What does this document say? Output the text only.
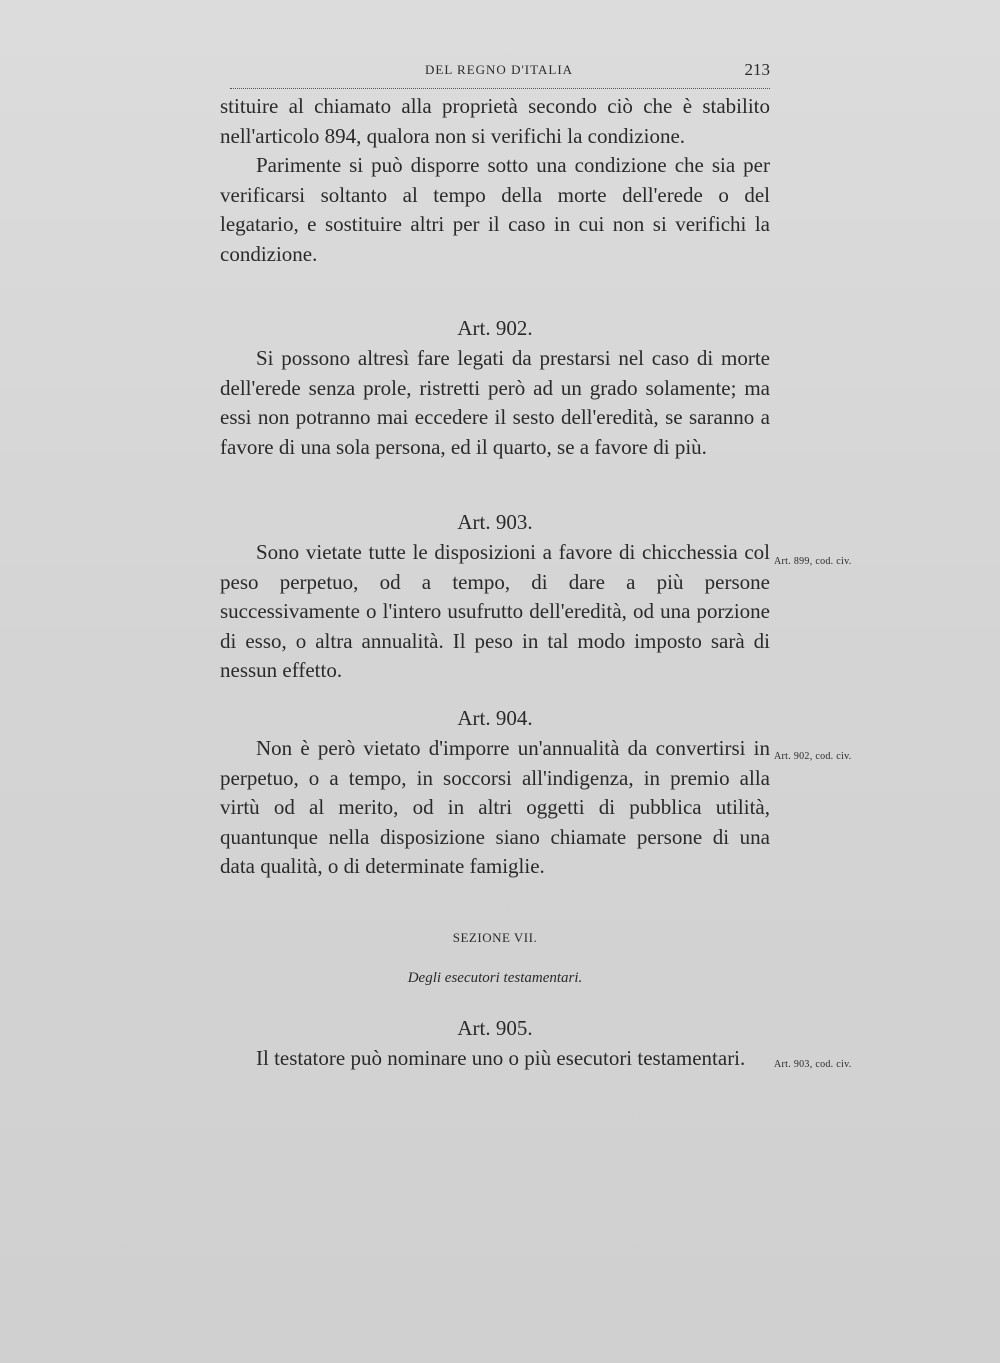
DEL REGNO D'ITALIA	213

stituire al chiamato alla proprietà secondo ciò che è stabilito nell'articolo 894, qualora non si verifichi la condizione.

Parimente si può disporre sotto una condizione che sia per verificarsi soltanto al tempo della morte dell'erede o del legatario, e sostituire altri per il caso in cui non si verifichi la condizione.

Art. 902.

Si possono altresì fare legati da prestarsi nel caso di morte dell'erede senza prole, ristretti però ad un grado solamente; ma essi non potranno mai eccedere il sesto dell'eredità, se saranno a favore di una sola persona, ed il quarto, se a favore di più.

Art. 903.
Art. 899, cod. civ.

Sono vietate tutte le disposizioni a favore di chicchessia col peso perpetuo, od a tempo, di dare a più persone successivamente o l'intero usufrutto dell'eredità, od una porzione di esso, o altra annualità. Il peso in tal modo imposto sarà di nessun effetto.

Art. 904.
Art. 902, cod. civ.

Non è però vietato d'imporre un'annualità da convertirsi in perpetuo, o a tempo, in soccorsi all'indigenza, in premio alla virtù od al merito, od in altri oggetti di pubblica utilità, quantunque nella disposizione siano chiamate persone di una data qualità, o di determinate famiglie.

SEZIONE VII.
Degli esecutori testamentari.
Art. 905.
Art. 903, cod. civ.

Il testatore può nominare uno o più esecutori testamentari.
